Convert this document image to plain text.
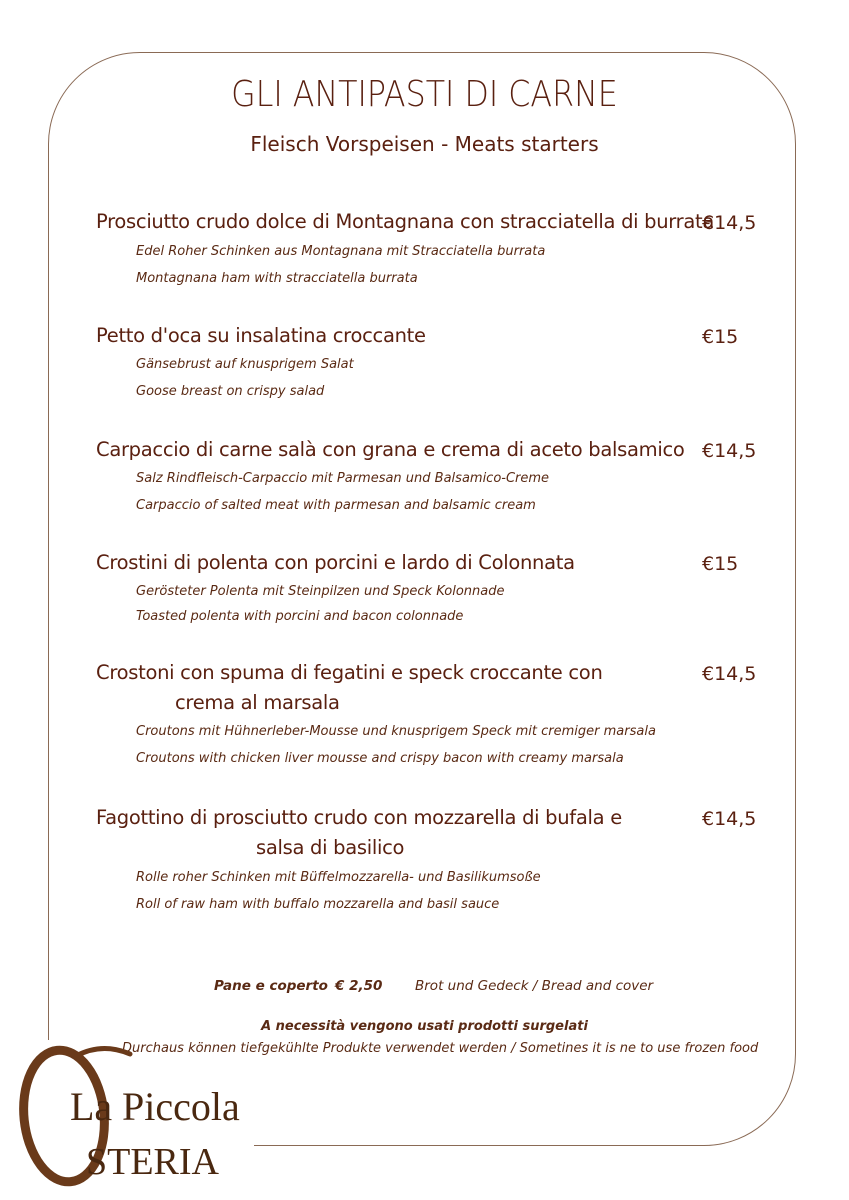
GLI ANTIPASTI DI CARNE
Fleisch Vorspeisen - Meats starters
Prosciutto crudo dolce di Montagnana con stracciatella di burrata
€14,5
Edel Roher Schinken aus Montagnana mit Stracciatella burrata
Montagnana ham with stracciatella burrata
Petto d'oca su insalatina croccante	€15
Gänsebrust auf knusprigem Salat
Goose breast on crispy salad
Carpaccio di carne salà con grana e crema di aceto balsamico €14,5
Salz Rindfleisch-Carpaccio mit Parmesan und Balsamico-Creme
Carpaccio of salted meat with parmesan and balsamic cream
Crostini di polenta con porcini e lardo di Colonnata	€15
Gerösteter Polenta mit Steinpilzen und Speck Kolonnade
Toasted polenta with porcini and bacon colonnade
Crostoni con spuma di fegatini e speck croccante con
crema al marsala
€14,5
Croutons mit Hühnerleber-Mousse und knusprigem Speck mit cremiger marsala
Croutons with chicken liver mousse and crispy bacon with creamy marsala
Fagottino di prosciutto crudo con mozzarella di bufala e
salsa di basilico
€14,5
Rolle roher Schinken mit Büffelmozzarella- und Basilikumsoße
Roll of raw ham with buffalo mozzarella and basil sauce
Pane e coperto € 2,50 Brot und Gedeck / Bread and cover
A necessità vengono usati prodotti surgelati
Durchaus können tiefgekühlte Produkte verwendet werden / Sometines it is ne to use frozen food
La Piccola
STERIA
